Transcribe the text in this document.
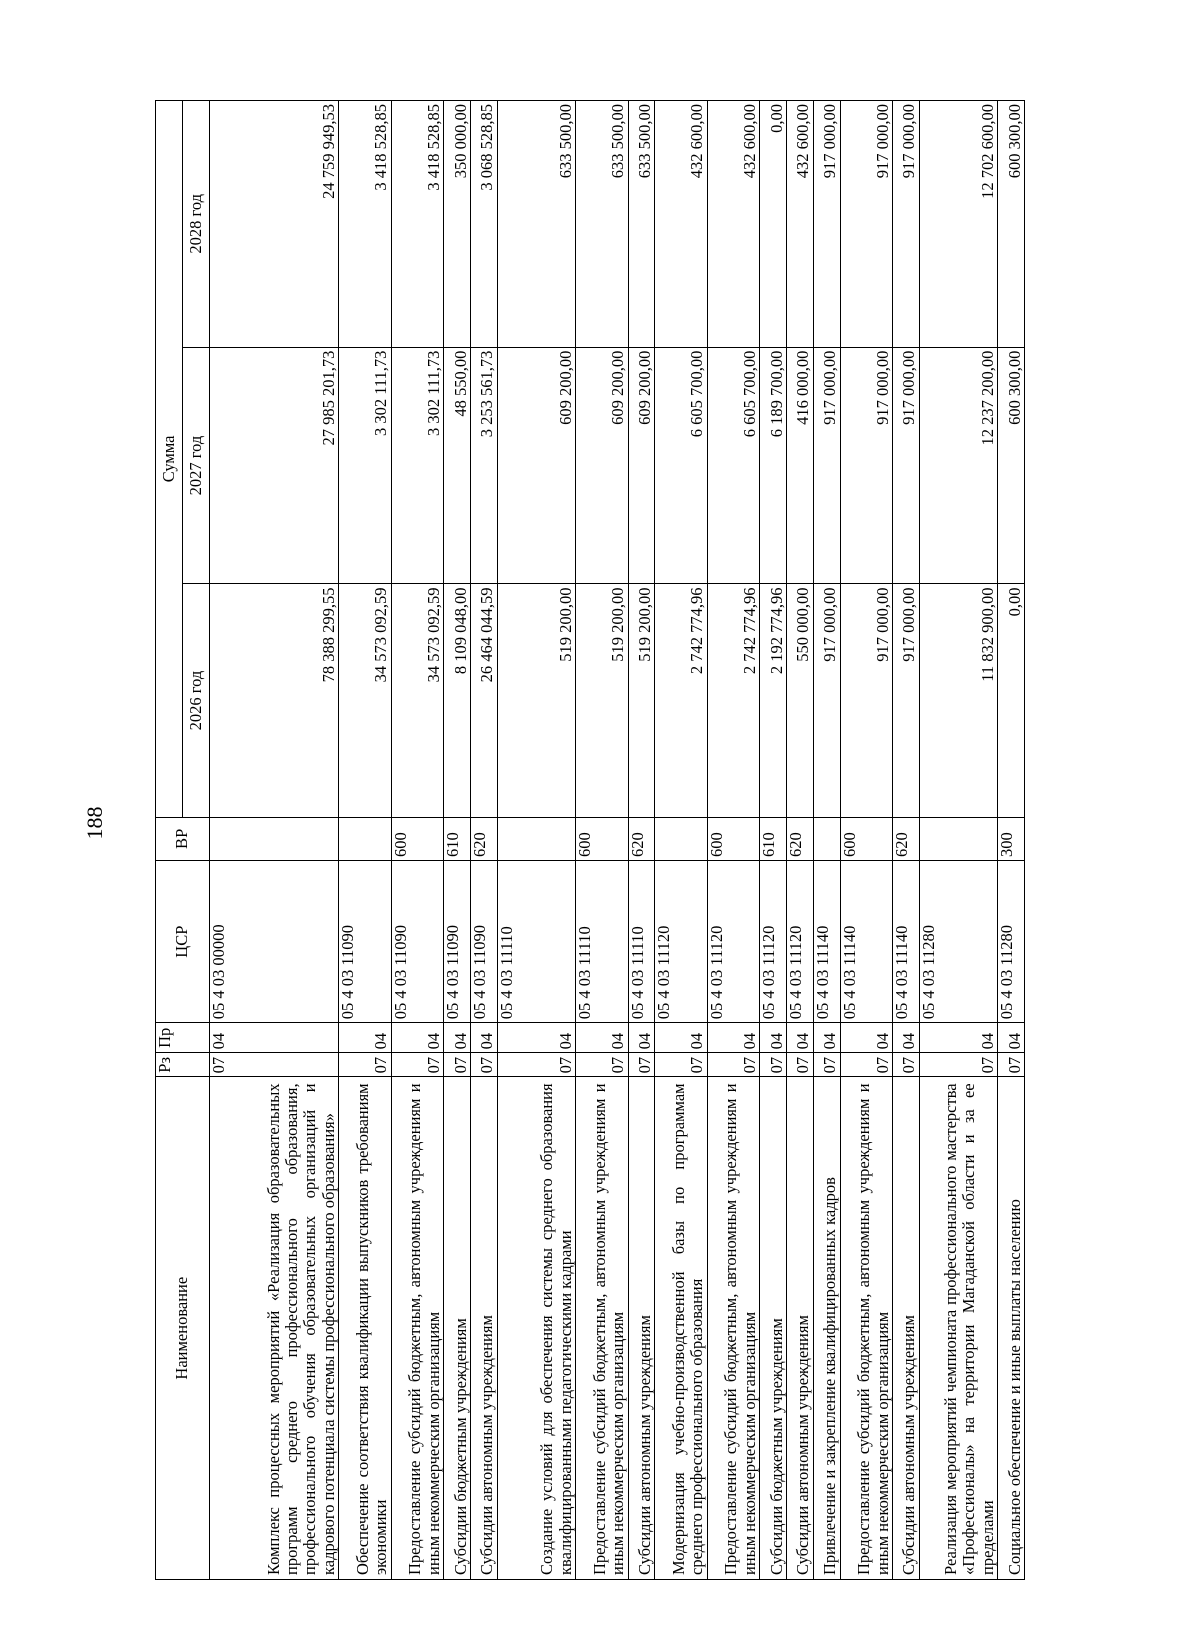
188
Наименование	Рз	Пр	ЦСР	ВР	Сумма		
					2026 год	2027 год	2028 год
Комплекс процессных мероприятий «Реализация образовательных программ среднего профессионального образования, профессионального обучения образовательных организаций и кадрового потенциала системы профессионального образования»	07	04	05 4 03 00000		78 388 299,55	27 985 201,73	24 759 949,53
Обеспечение соответствия квалификации выпускников требованиям экономики	07	04	05 4 03 11090		34 573 092,59	3 302 111,73	3 418 528,85
Предоставление субсидий бюджетным, автономным учреждениям и иным некоммерческим организациям	07	04	05 4 03 11090	600	34 573 092,59	3 302 111,73	3 418 528,85
Субсидии бюджетным учреждениям	07	04	05 4 03 11090	610	8 109 048,00	48 550,00	350 000,00
Субсидии автономным учреждениям	07	04	05 4 03 11090	620	26 464 044,59	3 253 561,73	3 068 528,85
Создание условий для обеспечения системы среднего образования квалифицированными педагогическими кадрами	07	04	05 4 03 11110		519 200,00	609 200,00	633 500,00
Предоставление субсидий бюджетным, автономным учреждениям и иным некоммерческим организациям	07	04	05 4 03 11110	600	519 200,00	609 200,00	633 500,00
Субсидии автономным учреждениям	07	04	05 4 03 11110	620	519 200,00	609 200,00	633 500,00
Модернизация учебно-производственной базы по программам среднего профессионального образования	07	04	05 4 03 11120		2 742 774,96	6 605 700,00	432 600,00
Предоставление субсидий бюджетным, автономным учреждениям и иным некоммерческим организациям	07	04	05 4 03 11120	600	2 742 774,96	6 605 700,00	432 600,00
Субсидии бюджетным учреждениям	07	04	05 4 03 11120	610	2 192 774,96	6 189 700,00	0,00
Субсидии автономным учреждениям	07	04	05 4 03 11120	620	550 000,00	416 000,00	432 600,00
Привлечение и закрепление квалифицированных кадров	07	04	05 4 03 11140		917 000,00	917 000,00	917 000,00
Предоставление субсидий бюджетным, автономным учреждениям и иным некоммерческим организациям	07	04	05 4 03 11140	600	917 000,00	917 000,00	917 000,00
Субсидии автономным учреждениям	07	04	05 4 03 11140	620	917 000,00	917 000,00	917 000,00
Реализация мероприятий чемпионата профессионального мастерства «Профессионалы» на территории Магаданской области и за ее пределами	07	04	05 4 03 11280		11 832 900,00	12 237 200,00	12 702 600,00
Социальное обеспечение и иные выплаты населению	07	04	05 4 03 11280	300	0,00	600 300,00	600 300,00
